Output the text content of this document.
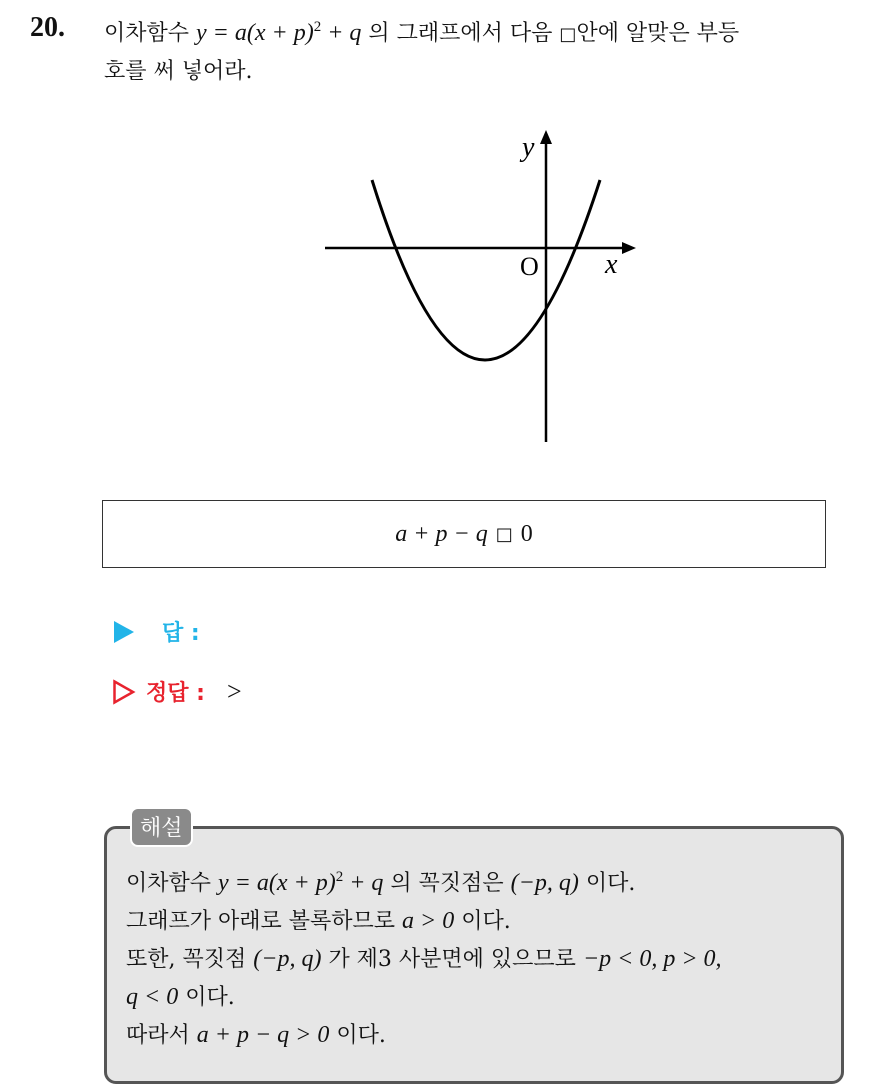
20. 이차함수 $y = a(x + p)^2 + q$ 의 그래프에서 다음 □안에 알맞은 부등
호를 써 넣어라.
y
x
O
a + p − q □ 0
답 :
정답 : >
해설
이차함수 $y = a(x + p)^2 + q$ 의 꼭짓점은 (−p, q) 이다.
그래프가 아래로 볼록하므로 a > 0 이다.
또한, 꼭짓점 (−p, q) 가 제3 사분면에 있으므로 −p < 0, p > 0,
q < 0 이다.
따라서 a + p − q > 0 이다.
